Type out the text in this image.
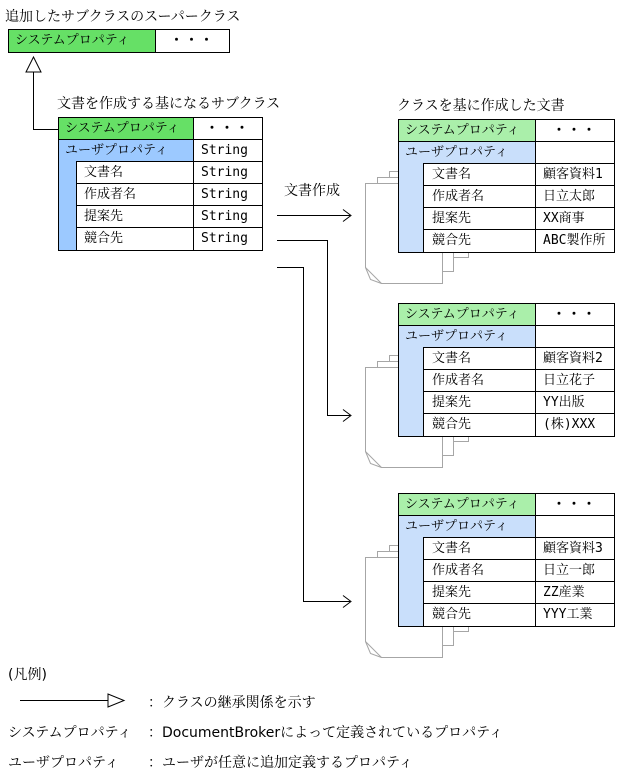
追加したサブクラスのスーパークラス
文書を作成する基になるサブクラス	クラスを基に作成した文書
文書作成
システムプロパティ	・・・
システムプロパティ	・・・
ユーザプロパティ	String
文書名	String
作成者名	String
提案先	String
競合先	String
システムプロパティ	・・・
ユーザプロパティ
文書名	顧客資料1
作成者名	日立太郎
提案先	XX商事
競合先	ABC製作所
システムプロパティ	・・・
ユーザプロパティ
文書名	顧客資料2
作成者名	日立花子
提案先	YY出版
競合先	(株)XXX
システムプロパティ	・・・
ユーザプロパティ
文書名	顧客資料3
作成者名	日立一郎
提案先	ZZ産業
競合先	YYY工業
(凡例)
：クラスの継承関係を示す
システムプロパティ ：DocumentBrokerによって定義されているプロパティ
ユーザプロパティ ：ユーザが任意に追加定義するプロパティ
